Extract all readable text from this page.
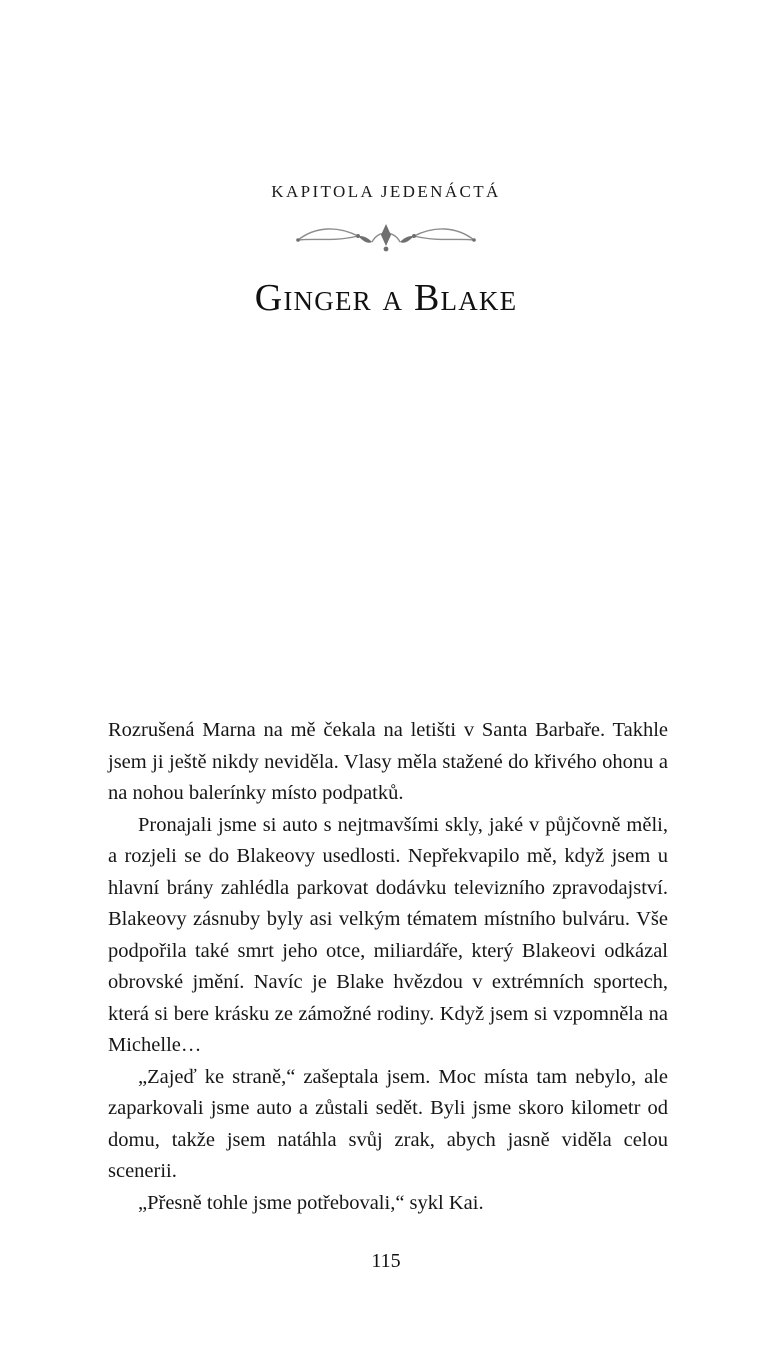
KAPITOLA JEDENÁCTÁ
Ginger a Blake

Rozrušená Marna na mě čekala na letišti v Santa Barbaře. Takhle jsem ji ještě nikdy neviděla. Vlasy měla stažené do křivého ohonu a na nohou balerínky místo podpatků.

Pronajali jsme si auto s nejtmavšími skly, jaké v půjčovně měli, a rozjeli se do Blakeovy usedlosti. Nepřekvapilo mě, když jsem u hlavní brány zahlédla parkovat dodávku televizního zpravodajství. Blakeovy zásnuby byly asi velkým tématem místního bulváru. Vše podpořila také smrt jeho otce, miliardáře, který Blakeovi odkázal obrovské jmění. Navíc je Blake hvězdou v extrémních sportech, která si bere krásku ze zámožné rodiny. Když jsem si vzpomněla na Michelle…

„Zajeď ke straně,“ zašeptala jsem. Moc místa tam nebylo, ale zaparkovali jsme auto a zůstali sedět. Byli jsme skoro kilometr od domu, takže jsem natáhla svůj zrak, abych jasně viděla celou scenerii.

„Přesně tohle jsme potřebovali,“ sykl Kai.

115
